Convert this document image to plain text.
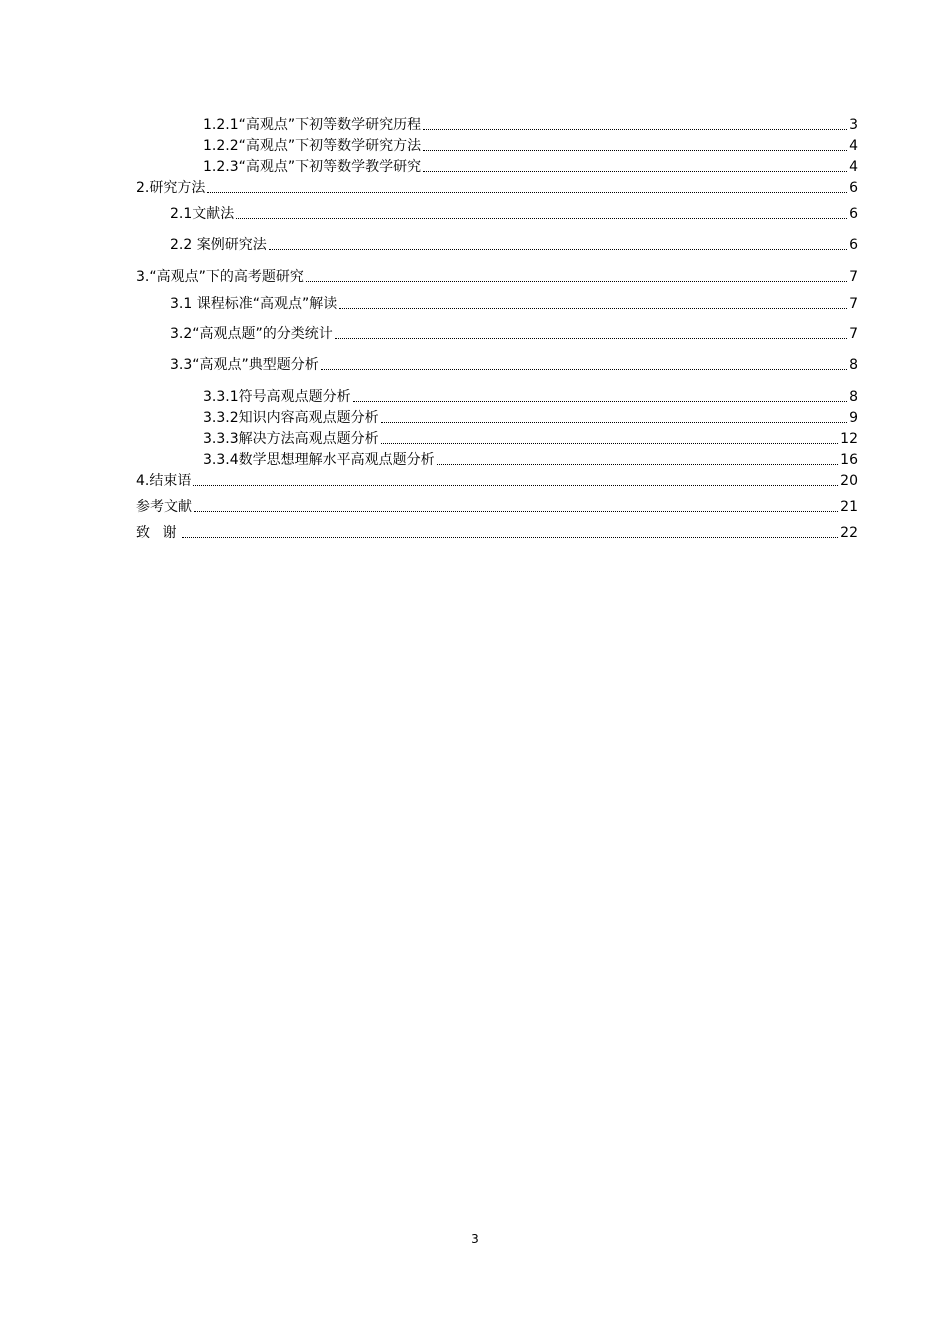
1.2.1“高观点”下初等数学研究历程	3
1.2.2“高观点”下初等数学研究方法	4
1.2.3“高观点”下初等数学教学研究	4
2.研究方法	6
2.1文献法	6
2.2 案例研究法	6
3.“高观点”下的高考题研究	7
3.1 课程标准“高观点”解读	7
3.2“高观点题”的分类统计	7
3.3“高观点”典型题分析	8
3.3.1符号高观点题分析	8
3.3.2知识内容高观点题分析	9
3.3.3解决方法高观点题分析	12
3.3.4数学思想理解水平高观点题分析	16
4.结束语	20
参考文献	21
致 谢	22
3
